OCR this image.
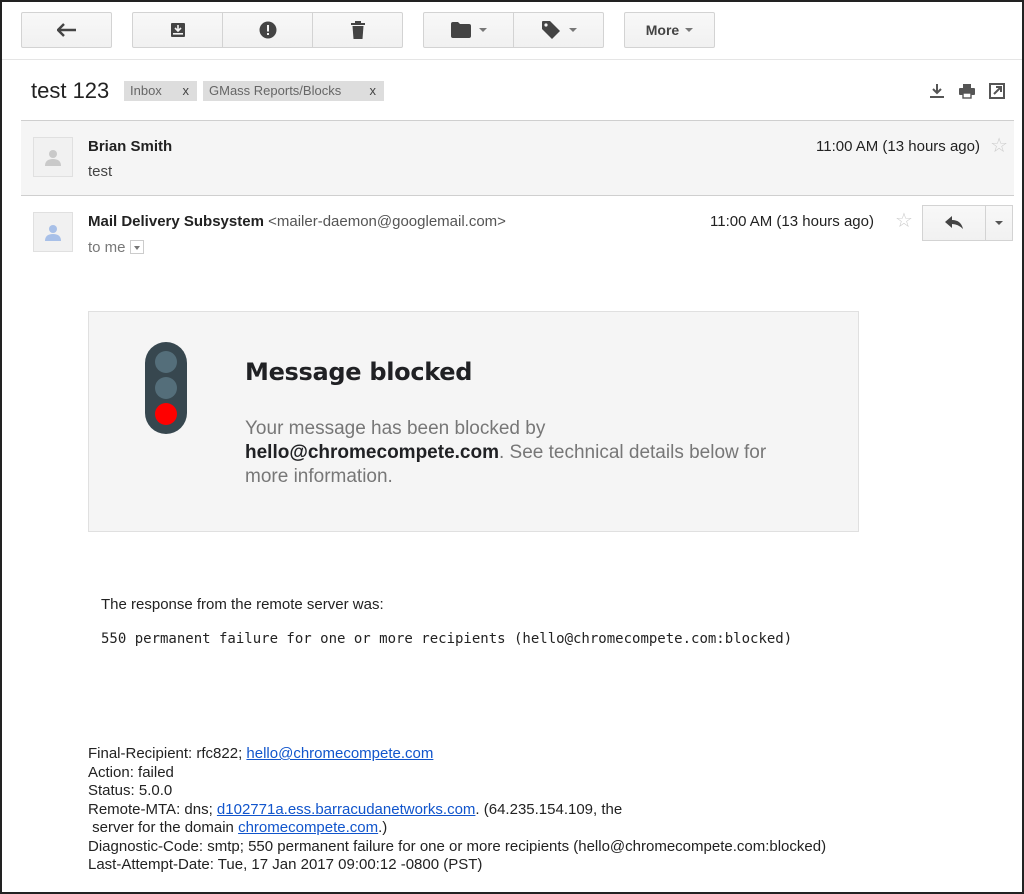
More
test 123	Inbox x	GMass Reports/Blocks x
Brian Smith
test
11:00 AM (13 hours ago) ☆
Mail Delivery Subsystem <mailer-daemon@googlemail.com>
to me
11:00 AM (13 hours ago) ☆
Message blocked
Your message has been blocked by
hello@chromecompete.com. See technical details below for more information.
The response from the remote server was:
550 permanent failure for one or more recipients (hello@chromecompete.com:blocked)
Final-Recipient: rfc822; hello@chromecompete.com
Action: failed
Status: 5.0.0
Remote-MTA: dns; d102771a.ess.barracudanetworks.com. (64.235.154.109, the
server for the domain chromecompete.com.)
Diagnostic-Code: smtp; 550 permanent failure for one or more recipients (hello@chromecompete.com:blocked)
Last-Attempt-Date: Tue, 17 Jan 2017 09:00:12 -0800 (PST)
